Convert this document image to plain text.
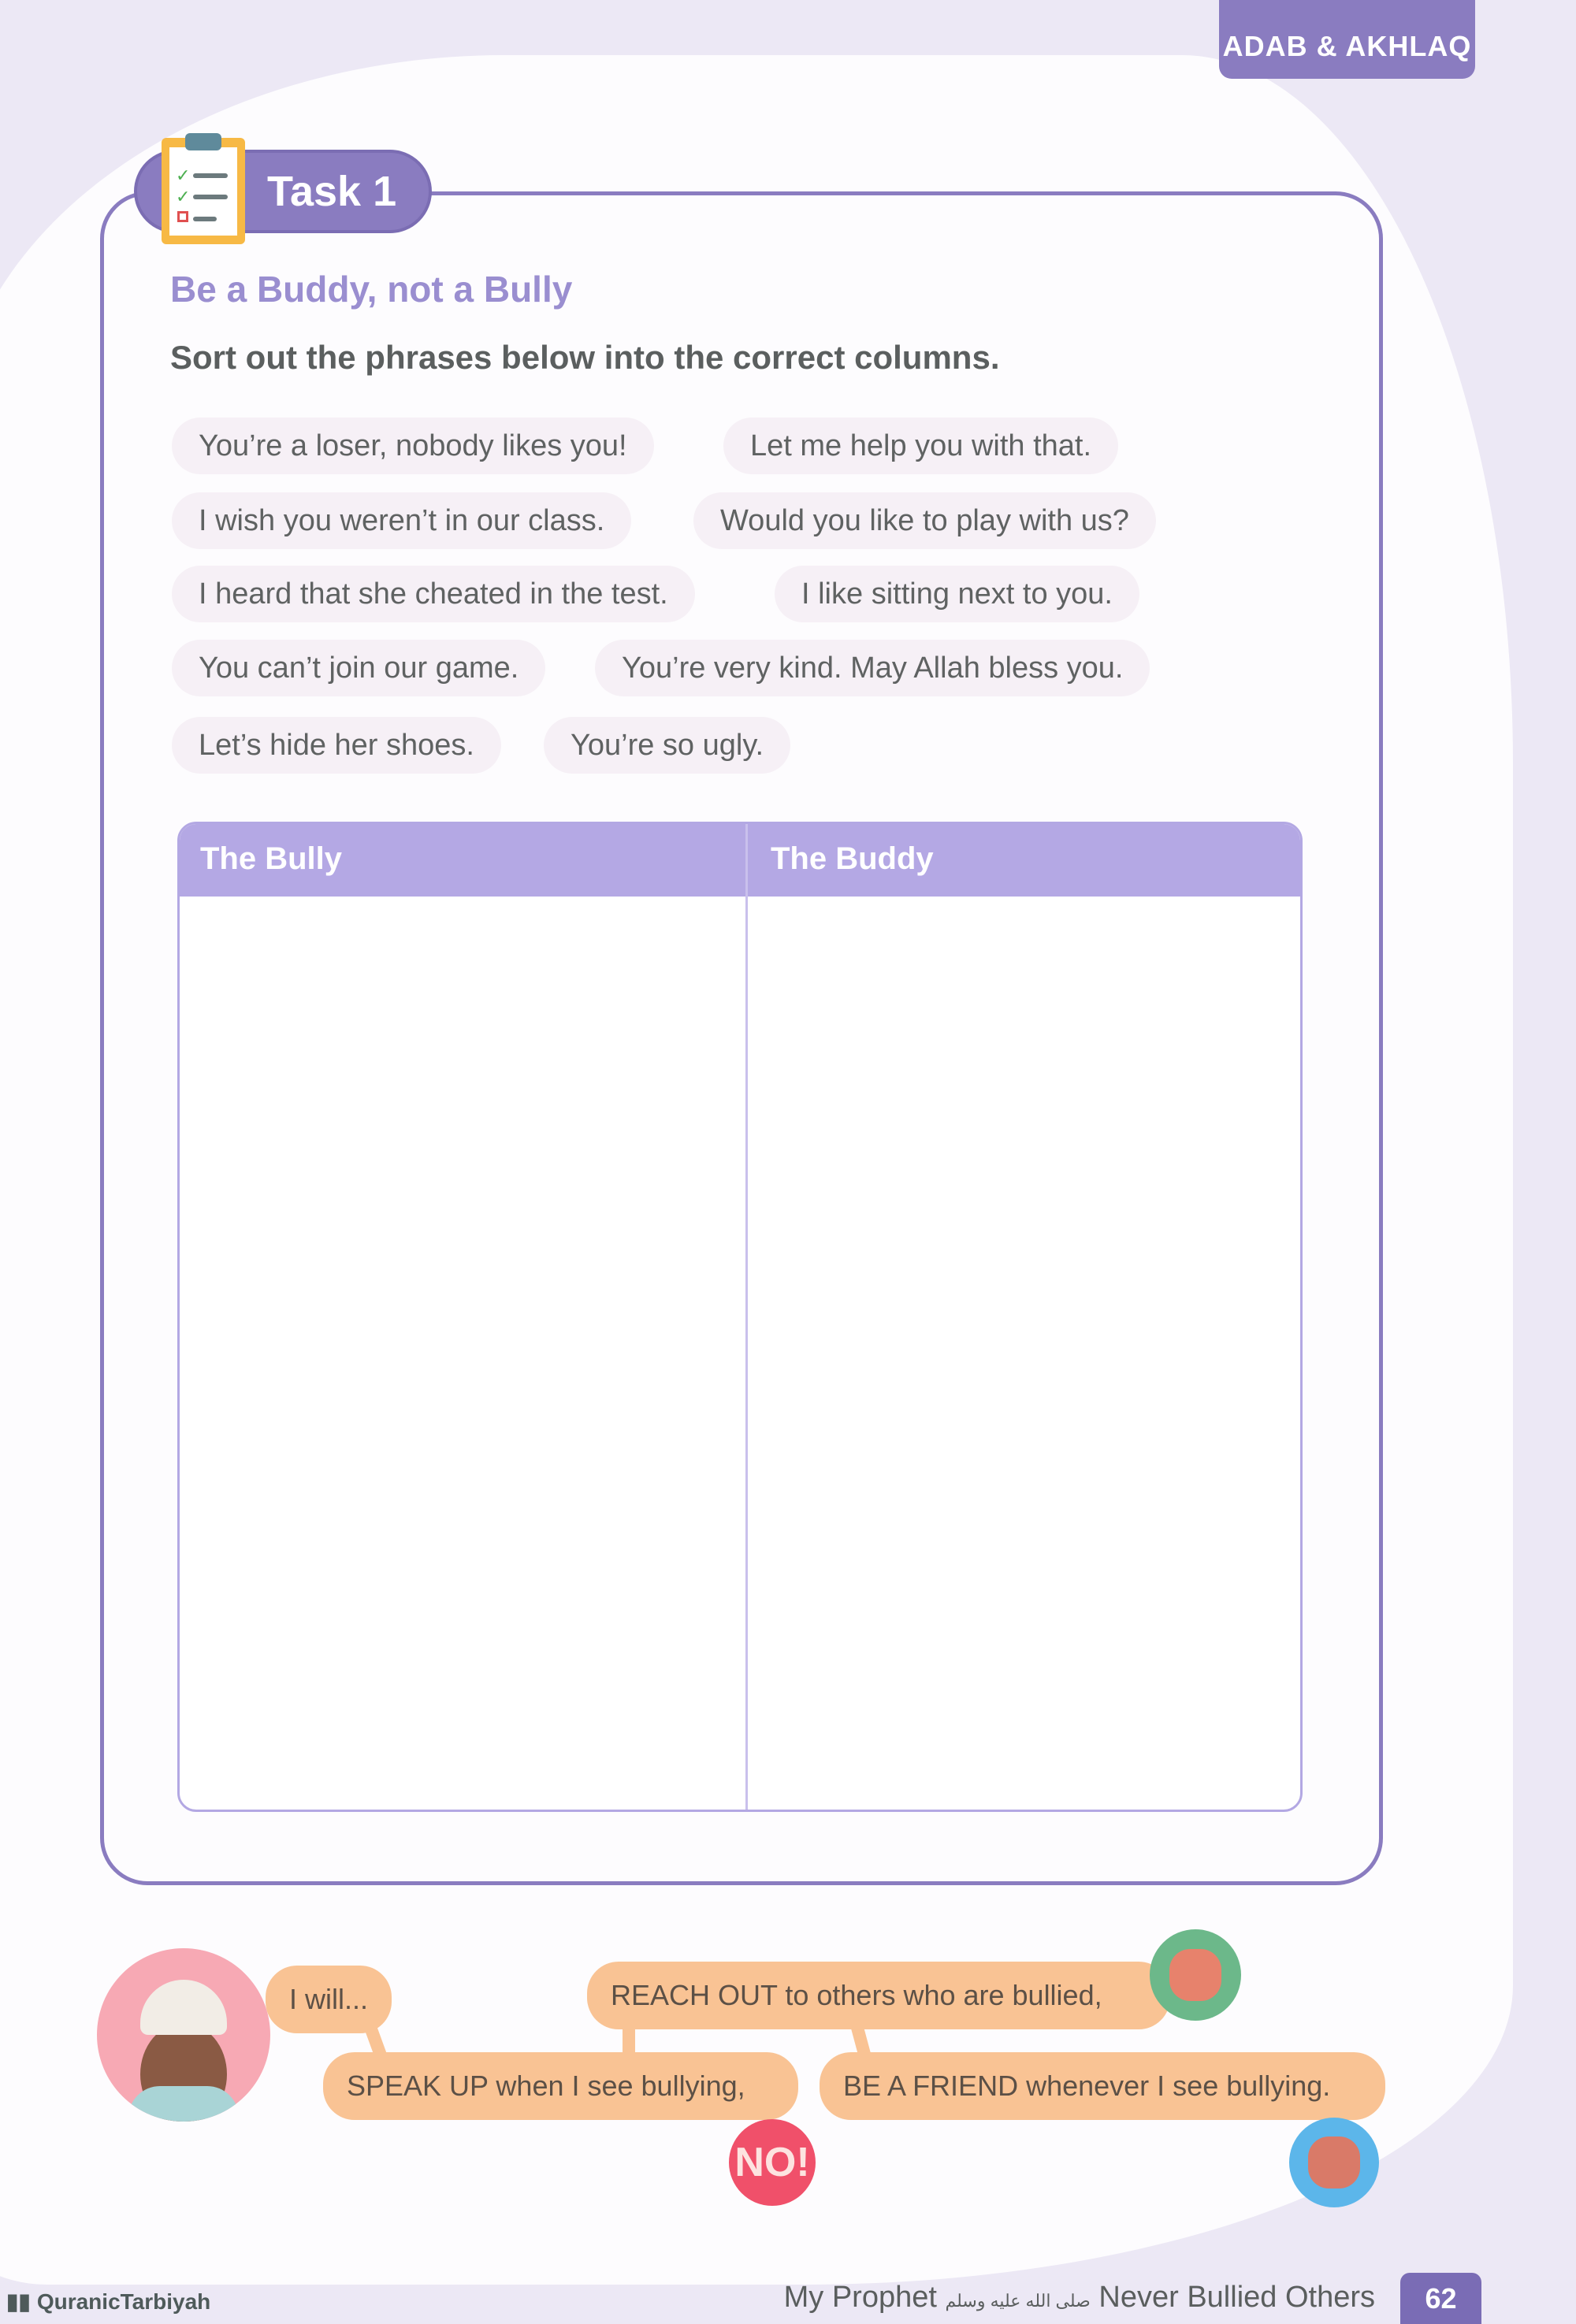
ADAB & AKHLAQ
Task 1
✓
✓
Be a Buddy, not a Bully
Sort out the phrases below into the correct columns.
You’re a loser, nobody likes you!	Let me help you with that.
I wish you weren’t in our class.	Would you like to play with us?
I heard that she cheated in the test.	I like sitting next to you.
You can’t join our game.	You’re very kind. May Allah bless you.
Let’s hide her shoes.	You’re so ugly.
The Bully	The Buddy
I will...	REACH OUT to others who are bullied,
SPEAK UP when I see bullying,	BE A FRIEND whenever I see bullying.
NO!
▮▮ QuranicTarbiyah	My Prophet صلى الله عليه وسلم Never Bullied Others	62
